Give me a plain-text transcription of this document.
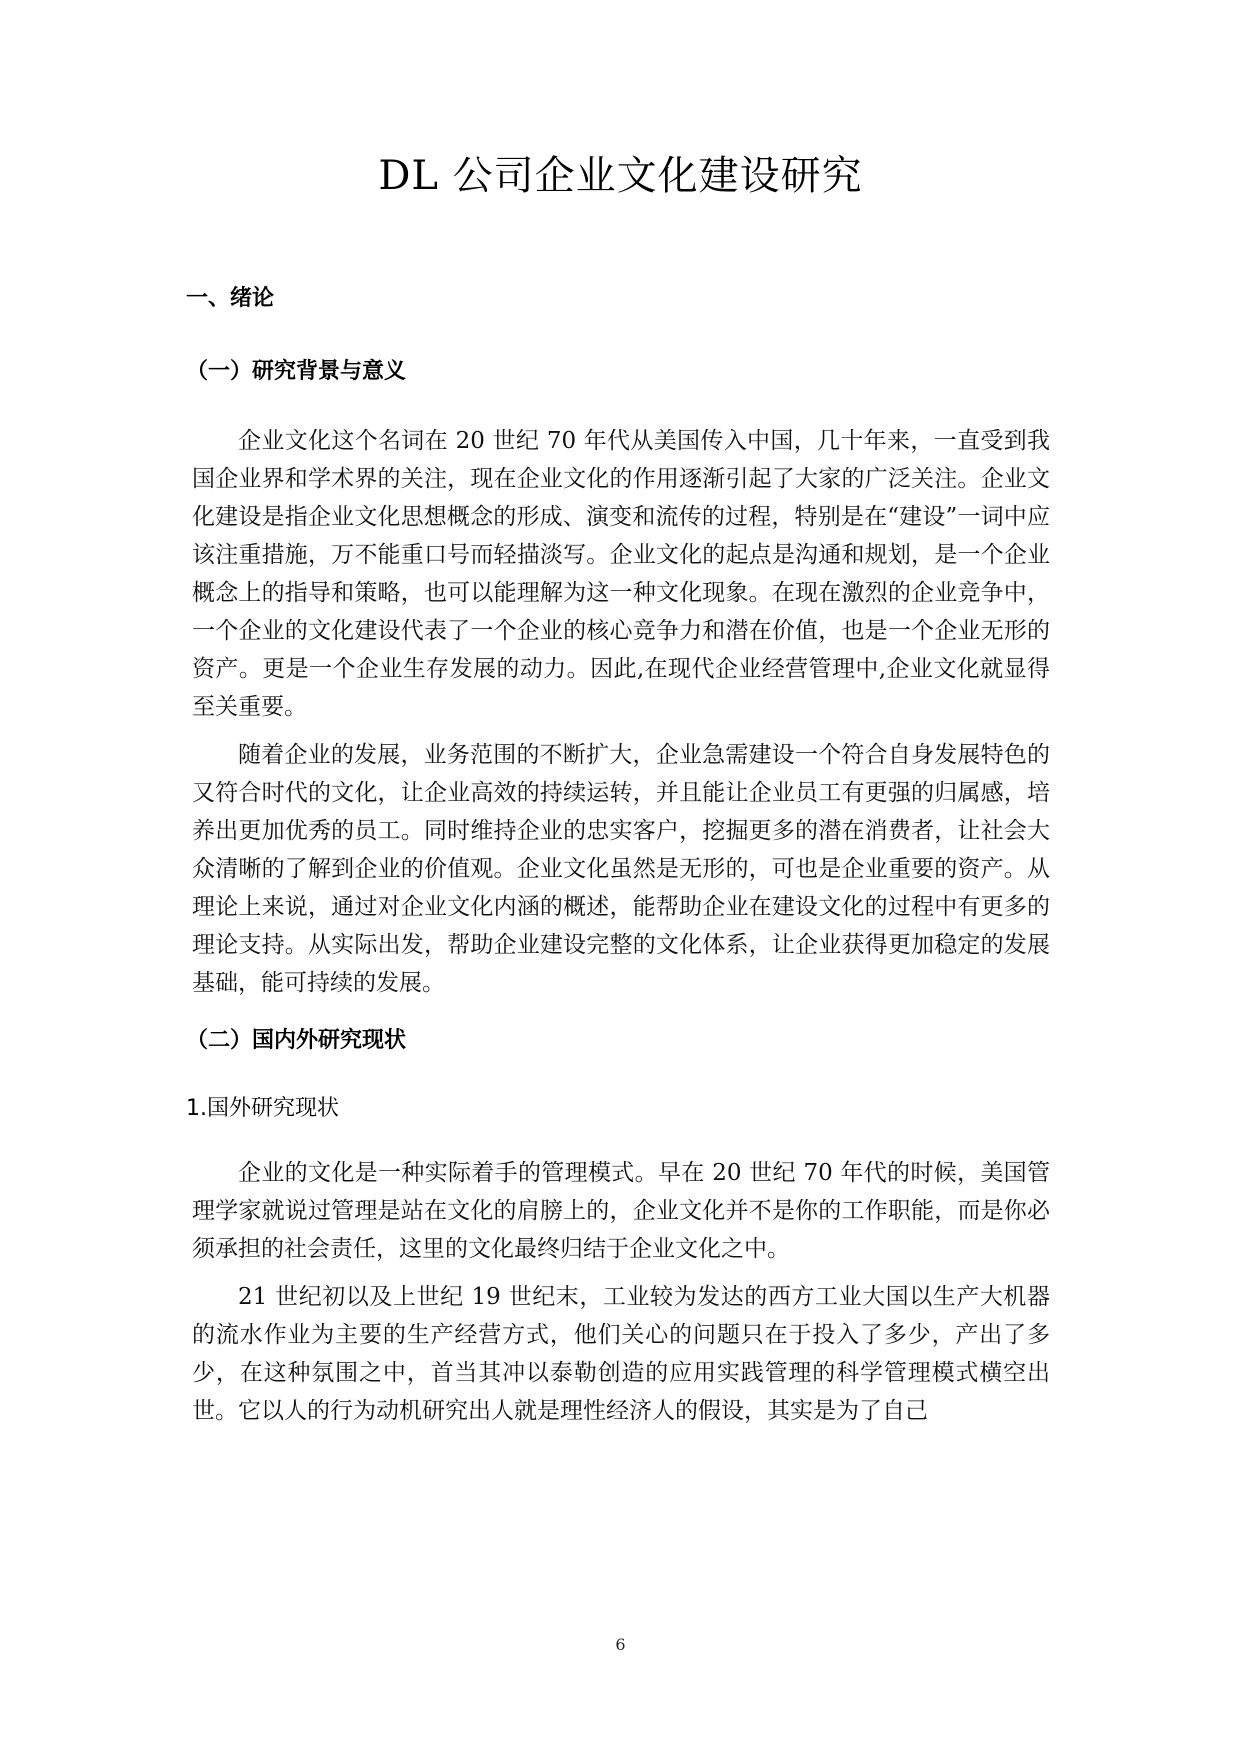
DL 公司企业文化建设研究
一、绪论
（一）研究背景与意义

企业文化这个名词在 20 世纪 70 年代从美国传入中国，几十年来，一直受到我国企业界和学术界的关注，现在企业文化的作用逐渐引起了大家的广泛关注。企业文化建设是指企业文化思想概念的形成、演变和流传的过程，特别是在“建设”一词中应该注重措施，万不能重口号而轻描淡写。企业文化的起点是沟通和规划，是一个企业概念上的指导和策略，也可以能理解为这一种文化现象。在现在激烈的企业竞争中，一个企业的文化建设代表了一个企业的核心竞争力和潜在价值，也是一个企业无形的资产。更是一个企业生存发展的动力。因此,在现代企业经营管理中,企业文化就显得至关重要。

随着企业的发展，业务范围的不断扩大，企业急需建设一个符合自身发展特色的又符合时代的文化，让企业高效的持续运转，并且能让企业员工有更强的归属感，培养出更加优秀的员工。同时维持企业的忠实客户，挖掘更多的潜在消费者，让社会大众清晰的了解到企业的价值观。企业文化虽然是无形的，可也是企业重要的资产。从理论上来说，通过对企业文化内涵的概述，能帮助企业在建设文化的过程中有更多的理论支持。从实际出发，帮助企业建设完整的文化体系，让企业获得更加稳定的发展基础，能可持续的发展。

（二）国内外研究现状
1.国外研究现状

企业的文化是一种实际着手的管理模式。早在 20 世纪 70 年代的时候，美国管理学家就说过管理是站在文化的肩膀上的，企业文化并不是你的工作职能，而是你必须承担的社会责任，这里的文化最终归结于企业文化之中。

21 世纪初以及上世纪 19 世纪末，工业较为发达的西方工业大国以生产大机器的流水作业为主要的生产经营方式，他们关心的问题只在于投入了多少，产出了多少，在这种氛围之中，首当其冲以泰勒创造的应用实践管理的科学管理模式横空出世。它以人的行为动机研究出人就是理性经济人的假设，其实是为了自己

6
